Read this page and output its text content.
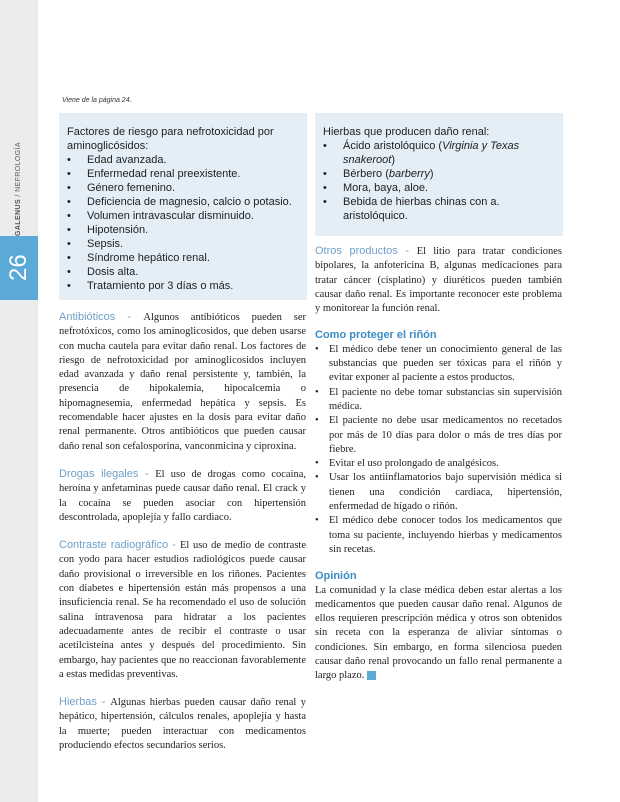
GALENUS / NEFROLOGÍA
26
Viene de la página 24.
Factores de riesgo para nefrotoxicidad por aminoglicósidos:
• Edad avanzada.
• Enfermedad renal preexistente.
• Género femenino.
• Deficiencia de magnesio, calcio o potasio.
• Volumen intravascular disminuido.
• Hipotensión.
• Sepsis.
• Síndrome hepático renal.
• Dosis alta.
• Tratamiento por 3 días o más.
Hierbas que producen daño renal:
• Ácido aristolóquico (Virginia y Texas snakeroot)
• Bérbero (barberry)
• Mora, baya, aloe.
• Bebida de hierbas chinas con a. aristolóquico.

Antibióticos - Algunos antibióticos pueden ser nefrotóxicos, como los aminoglicosidos, que deben usarse con mucha cautela para evitar daño renal. Los factores de riesgo de nefrotoxicidad por aminoglicosidos incluyen edad avanzada y daño renal persistente y, también, la presencia de hipokalemia, hipocalcemia o hipomagnesemia, enfermedad hepática y sepsis. Es recomendable hacer ajustes en la dosis para evitar daño renal permanente. Otros antibióticos que pueden causar daño renal son cefalosporina, vanconmicina y ciproxina.

Drogas ilegales - El uso de drogas como cocaína, heroína y anfetaminas puede causar daño renal. El crack y la cocaína se pueden asociar con hipertensión descontrolada, apoplejía y fallo cardiaco.

Contraste radiográfico - El uso de medio de contraste con yodo para hacer estudios radiológicos puede causar daño provisional o irreversible en los riñones. Pacientes con diabetes e hipertensión están más propensos a una insuficiencia renal. Se ha recomendado el uso de solución salina intravenosa para hidratar a los pacientes adecuadamente antes de recibir el contraste o usar acetilcisteína antes y después del procedimiento. Sin embargo, hay pacientes que no reaccionan favorablemente a estas medidas preventivas.

Hierbas - Algunas hierbas pueden causar daño renal y hepático, hipertensión, cálculos renales, apoplejía y hasta la muerte; pueden interactuar con medicamentos produciendo efectos secundarios serios.

Otros productos - El litio para tratar condiciones bipolares, la anfotericina B, algunas medicaciones para tratar cáncer (cisplatino) y diuréticos pueden también causar daño renal. Es importante reconocer este problema y monitorear la función renal.

Como proteger el riñón
• El médico debe tener un conocimiento general de las substancias que pueden ser tóxicas para el riñón y evitar exponer al paciente a estos productos.
• El paciente no debe tomar substancias sin supervisión médica.
• El paciente no debe usar medicamentos no recetados por más de 10 días para dolor o más de tres días por fiebre.
• Evitar el uso prolongado de analgésicos.
• Usar los antiinflamatorios bajo supervisión médica si tienen una condición cardiaca, hipertensión, enfermedad de hígado o riñón.
• El médico debe conocer todos los medicamentos que toma su paciente, incluyendo hierbas y medicamentos sin recetas.
Opinión

La comunidad y la clase médica deben estar alertas a los medicamentos que pueden causar daño renal. Algunos de ellos requieren prescripción médica y otros son obtenidos sin receta con la esperanza de aliviar síntomas o condiciones. Sin embargo, en forma silenciosa pueden causar daño renal provocando un fallo renal permanente a largo plazo.
